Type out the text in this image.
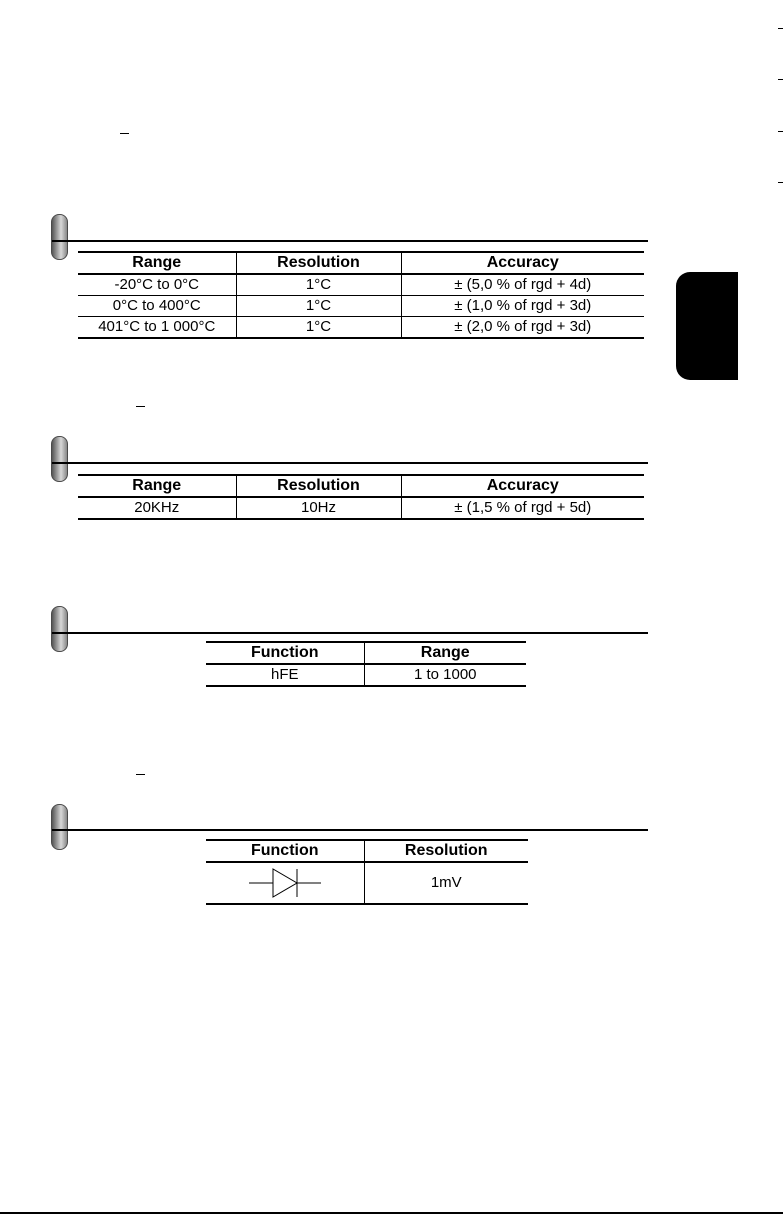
Range	Resolution	Accuracy
-20°C to 0°C	1°C	± (5,0 % of rgd + 4d)
0°C to 400°C	1°C	± (1,0 % of rgd + 3d)
401°C to 1 000°C	1°C	± (2,0 % of rgd + 3d)
Range	Resolution	Accuracy
20KHz	10Hz	± (1,5 % of rgd + 5d)
Function	Range
hFE	1 to 1000
Function	Resolution
	1mV
